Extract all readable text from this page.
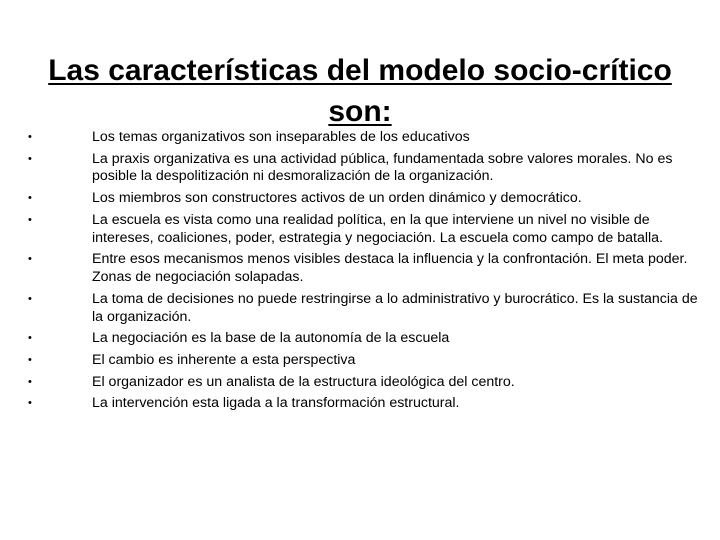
Las características del modelo socio-crítico
son:
•	Los temas organizativos son inseparables de los educativos
•	La praxis organizativa es una actividad pública, fundamentada sobre valores morales. No es posible la despolitización ni desmoralización de la organización.
•	Los miembros son constructores activos de un orden dinámico y democrático.
•	La escuela es vista como una realidad política, en la que interviene un nivel no visible de intereses, coaliciones, poder, estrategia y negociación. La escuela como campo de batalla.
•	Entre esos mecanismos menos visibles destaca la influencia y la confrontación. El meta poder. Zonas de negociación solapadas.
•	La toma de decisiones no puede restringirse a lo administrativo y burocrático. Es la sustancia de la organización.
•	La negociación es la base de la autonomía de la escuela
•	El cambio es inherente a esta perspectiva
•	El organizador es un analista de la estructura ideológica del centro.
•	La intervención esta ligada a la transformación estructural.
